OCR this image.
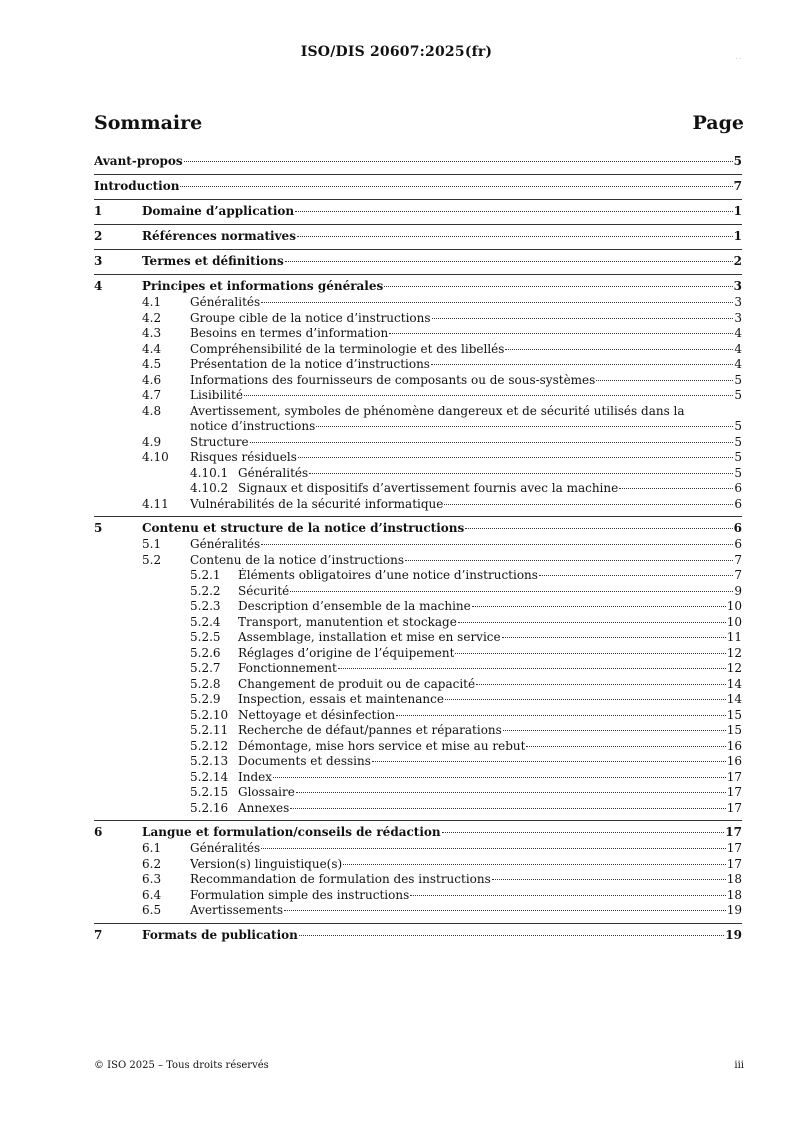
ISO/DIS 20607:2025(fr)	· ·
Sommaire	Page
Avant-propos	5
Introduction	7
1	Domaine d’application	1
2	Références normatives	1
3	Termes et définitions	2
4	Principes et informations générales	3
4.1	Généralités	3
4.2	Groupe cible de la notice d’instructions	3
4.3	Besoins en termes d’information	4
4.4	Compréhensibilité de la terminologie et des libellés	4
4.5	Présentation de la notice d’instructions	4
4.6	Informations des fournisseurs de composants ou de sous-systèmes	5
4.7	Lisibilité	5
4.8	Avertissement, symboles de phénomène dangereux et de sécurité utilisés dans la
notice d’instructions	5
4.9	Structure	5
4.10	Risques résiduels	5
4.10.1 Généralités	5
4.10.2 Signaux et dispositifs d’avertissement fournis avec la machine	6
4.11	Vulnérabilités de la sécurité informatique	6
5	Contenu et structure de la notice d’instructions	6
5.1	Généralités	6
5.2	Contenu de la notice d’instructions	7
5.2.1	Éléments obligatoires d’une notice d’instructions	7
5.2.2	Sécurité	9
5.2.3	Description d’ensemble de la machine	10
5.2.4	Transport, manutention et stockage	10
5.2.5	Assemblage, installation et mise en service	11
5.2.6	Réglages d’origine de l’équipement	12
5.2.7	Fonctionnement	12
5.2.8	Changement de produit ou de capacité	14
5.2.9	Inspection, essais et maintenance	14
5.2.10 Nettoyage et désinfection	15
5.2.11 Recherche de défaut/pannes et réparations	15
5.2.12 Démontage, mise hors service et mise au rebut	16
5.2.13 Documents et dessins	16
5.2.14 Index	17
5.2.15 Glossaire	17
5.2.16 Annexes	17
6	Langue et formulation/conseils de rédaction	17
6.1	Généralités	17
6.2	Version(s) linguistique(s)	17
6.3	Recommandation de formulation des instructions	18
6.4	Formulation simple des instructions	18
6.5	Avertissements	19
7	Formats de publication	19
© ISO 2025 – Tous droits réservés	iii
